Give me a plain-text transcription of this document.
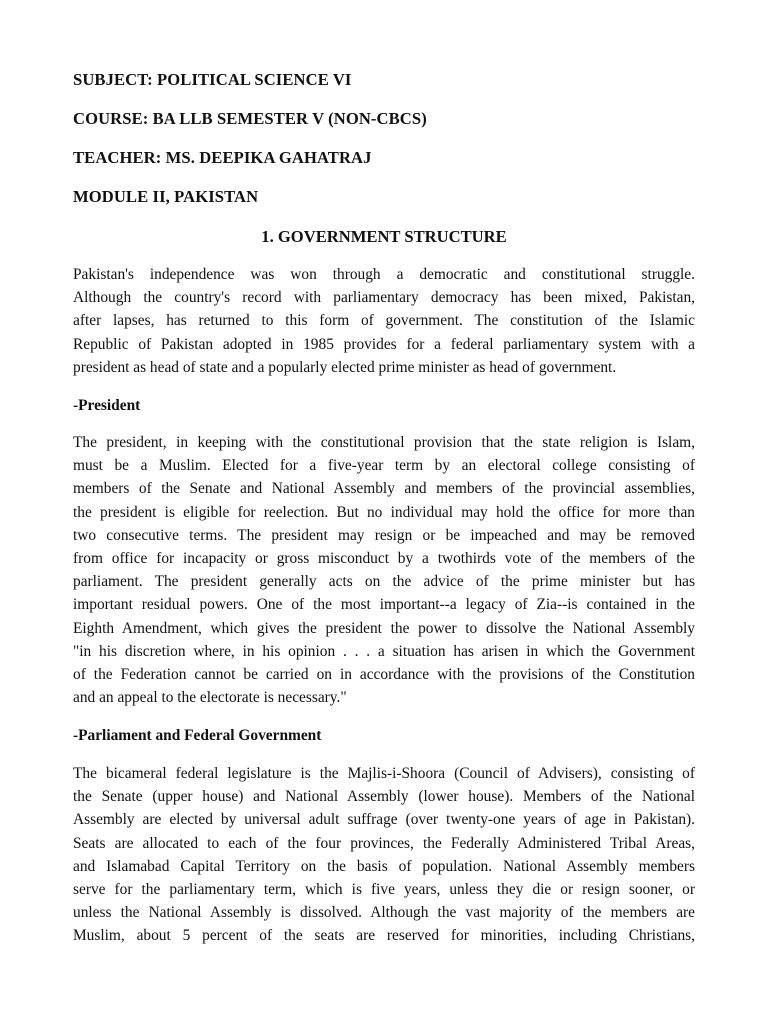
SUBJECT: POLITICAL SCIENCE VI
COURSE: BA LLB SEMESTER V (NON-CBCS)
TEACHER: MS. DEEPIKA GAHATRAJ
MODULE II, PAKISTAN
1. GOVERNMENT STRUCTURE

Pakistan's independence was won through a democratic and constitutional struggle.
Although the country's record with parliamentary democracy has been mixed, Pakistan,
after lapses, has returned to this form of government. The constitution of the Islamic
Republic of Pakistan adopted in 1985 provides for a federal parliamentary system with a
president as head of state and a popularly elected prime minister as head of government.

-President

The president, in keeping with the constitutional provision that the state religion is Islam,
must be a Muslim. Elected for a five-year term by an electoral college consisting of
members of the Senate and National Assembly and members of the provincial assemblies,
the president is eligible for reelection. But no individual may hold the office for more than
two consecutive terms. The president may resign or be impeached and may be removed
from office for incapacity or gross misconduct by a twothirds vote of the members of the
parliament. The president generally acts on the advice of the prime minister but has
important residual powers. One of the most important--a legacy of Zia--is contained in the
Eighth Amendment, which gives the president the power to dissolve the National Assembly
"in his discretion where, in his opinion . . . a situation has arisen in which the Government
of the Federation cannot be carried on in accordance with the provisions of the Constitution
and an appeal to the electorate is necessary."

-Parliament and Federal Government

The bicameral federal legislature is the Majlis-i-Shoora (Council of Advisers), consisting of
the Senate (upper house) and National Assembly (lower house). Members of the National
Assembly are elected by universal adult suffrage (over twenty-one years of age in Pakistan).
Seats are allocated to each of the four provinces, the Federally Administered Tribal Areas,
and Islamabad Capital Territory on the basis of population. National Assembly members
serve for the parliamentary term, which is five years, unless they die or resign sooner, or
unless the National Assembly is dissolved. Although the vast majority of the members are
Muslim, about 5 percent of the seats are reserved for minorities, including Christians,
